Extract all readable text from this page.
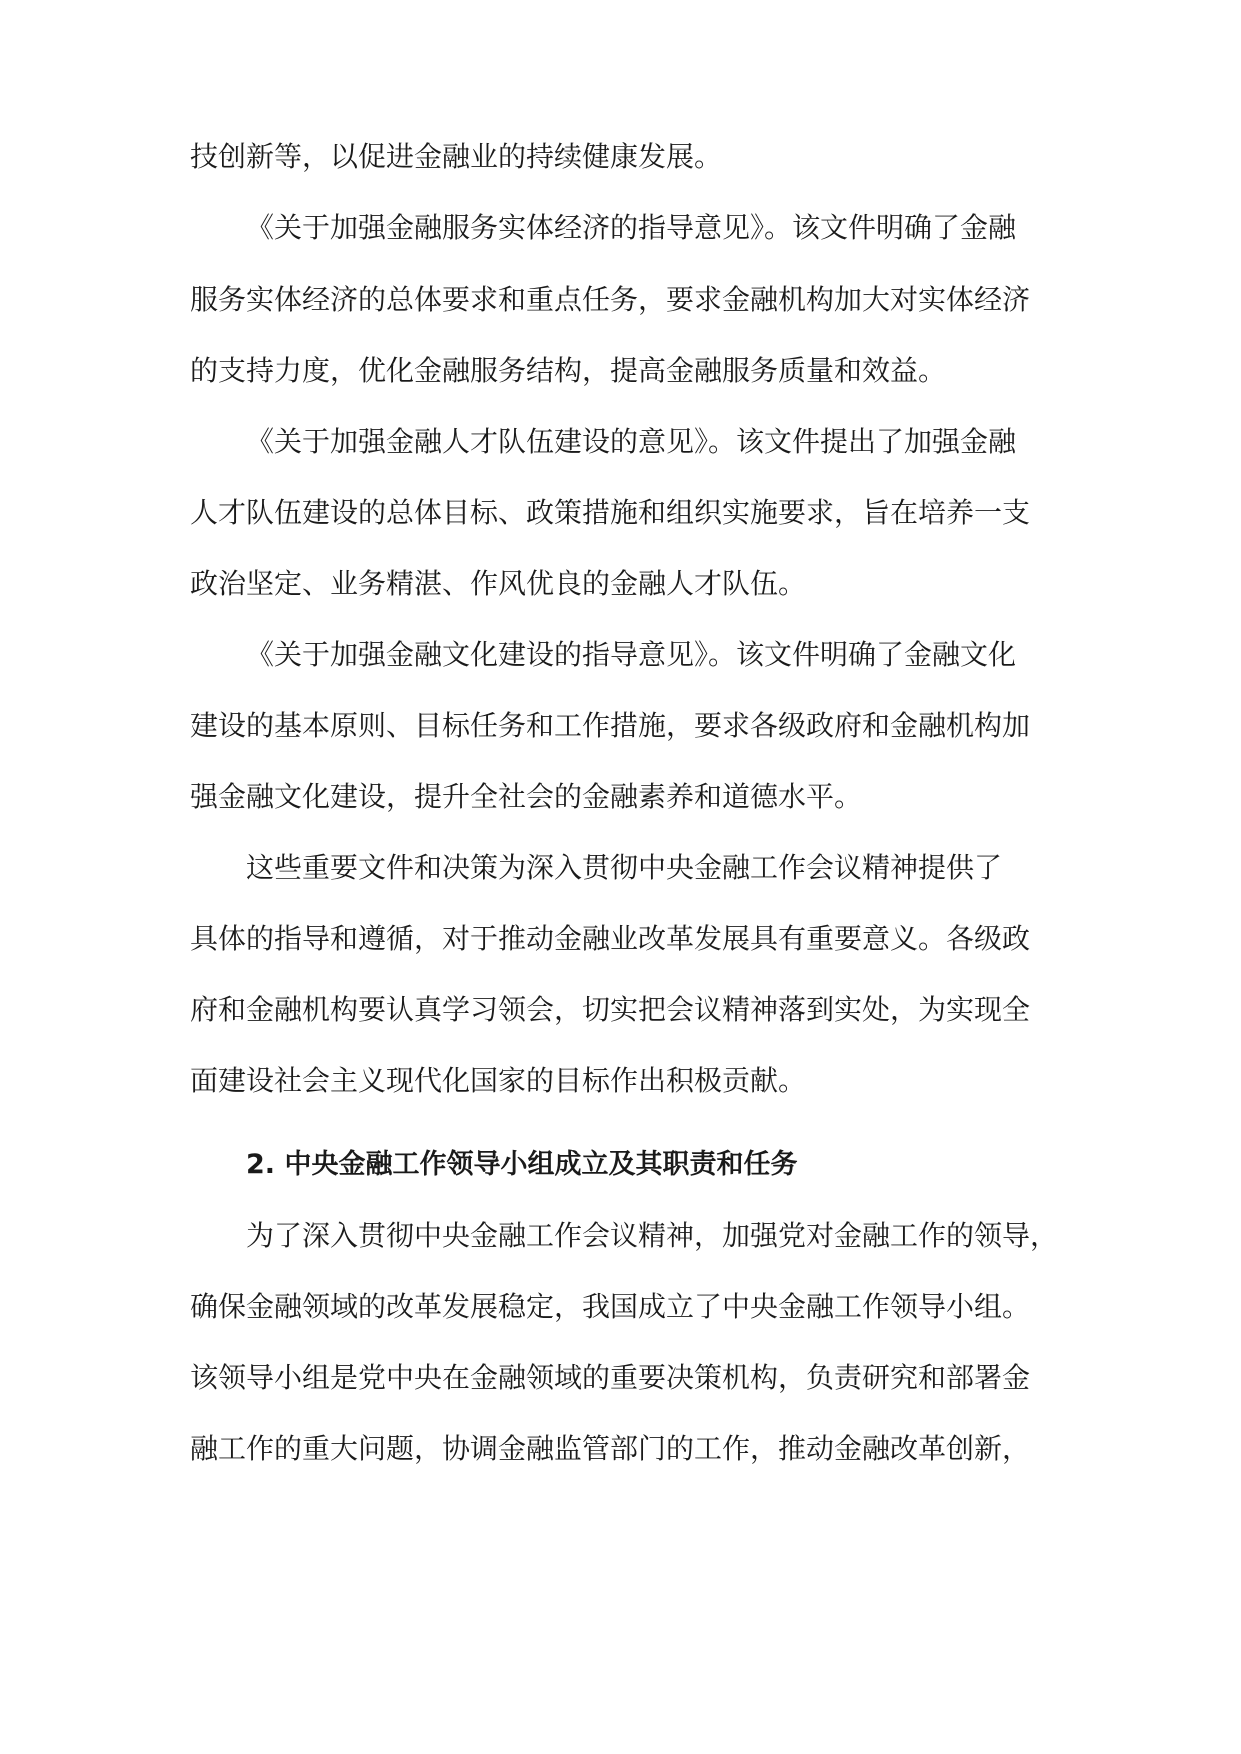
技创新等，以促进金融业的持续健康发展。
《关于加强金融服务实体经济的指导意见》。该文件明确了金融
服务实体经济的总体要求和重点任务，要求金融机构加大对实体经济
的支持力度，优化金融服务结构，提高金融服务质量和效益。
《关于加强金融人才队伍建设的意见》。该文件提出了加强金融
人才队伍建设的总体目标、政策措施和组织实施要求，旨在培养一支
政治坚定、业务精湛、作风优良的金融人才队伍。
《关于加强金融文化建设的指导意见》。该文件明确了金融文化
建设的基本原则、目标任务和工作措施，要求各级政府和金融机构加
强金融文化建设，提升全社会的金融素养和道德水平。
这些重要文件和决策为深入贯彻中央金融工作会议精神提供了
具体的指导和遵循，对于推动金融业改革发展具有重要意义。各级政
府和金融机构要认真学习领会，切实把会议精神落到实处，为实现全
面建设社会主义现代化国家的目标作出积极贡献。
2. 中央金融工作领导小组成立及其职责和任务
为了深入贯彻中央金融工作会议精神，加强党对金融工作的领导，
确保金融领域的改革发展稳定，我国成立了中央金融工作领导小组。
该领导小组是党中央在金融领域的重要决策机构，负责研究和部署金
融工作的重大问题，协调金融监管部门的工作，推动金融改革创新，
